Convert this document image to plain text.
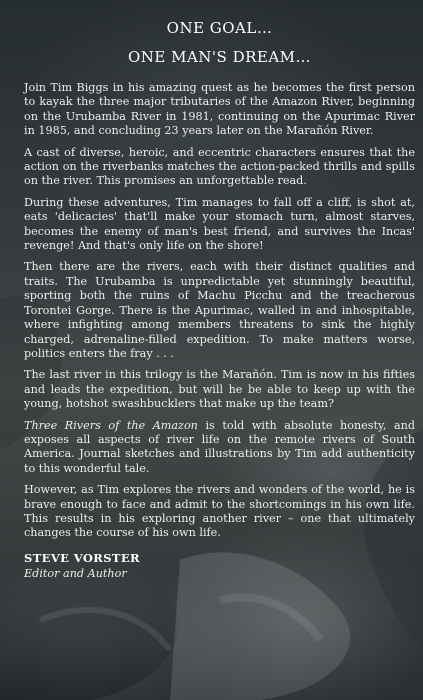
ONE GOAL…
ONE MAN'S DREAM…

Join Tim Biggs in his amazing quest as he becomes the first person to kayak the three major tributaries of the Amazon River, beginning on the Urubamba River in 1981, continuing on the Apurimac River in 1985, and concluding 23 years later on the Marañón River.

A cast of diverse, heroic, and eccentric characters ensures that the action on the riverbanks matches the action-packed thrills and spills on the river. This promises an unforgettable read.

During these adventures, Tim manages to fall off a cliff, is shot at, eats 'delicacies' that'll make your stomach turn, almost starves, becomes the enemy of man's best friend, and survives the Incas' revenge! And that's only life on the shore!

Then there are the rivers, each with their distinct qualities and traits. The Urubamba is unpredictable yet stunningly beautiful, sporting both the ruins of Machu Picchu and the treacherous Torontei Gorge. There is the Apurimac, walled in and inhospitable, where infighting among members threatens to sink the highly charged, adrenaline-filled expedition. To make matters worse, politics enters the fray . . .

The last river in this trilogy is the Marañón. Tim is now in his fifties and leads the expedition, but will he be able to keep up with the young, hotshot swashbucklers that make up the team?

Three Rivers of the Amazon is told with absolute honesty, and exposes all aspects of river life on the remote rivers of South America. Journal sketches and illustrations by Tim add authenticity to this wonderful tale.

However, as Tim explores the rivers and wonders of the world, he is brave enough to face and admit to the shortcomings in his own life. This results in his exploring another river – one that ultimately changes the course of his own life.

STEVE VORSTER
Editor and Author
